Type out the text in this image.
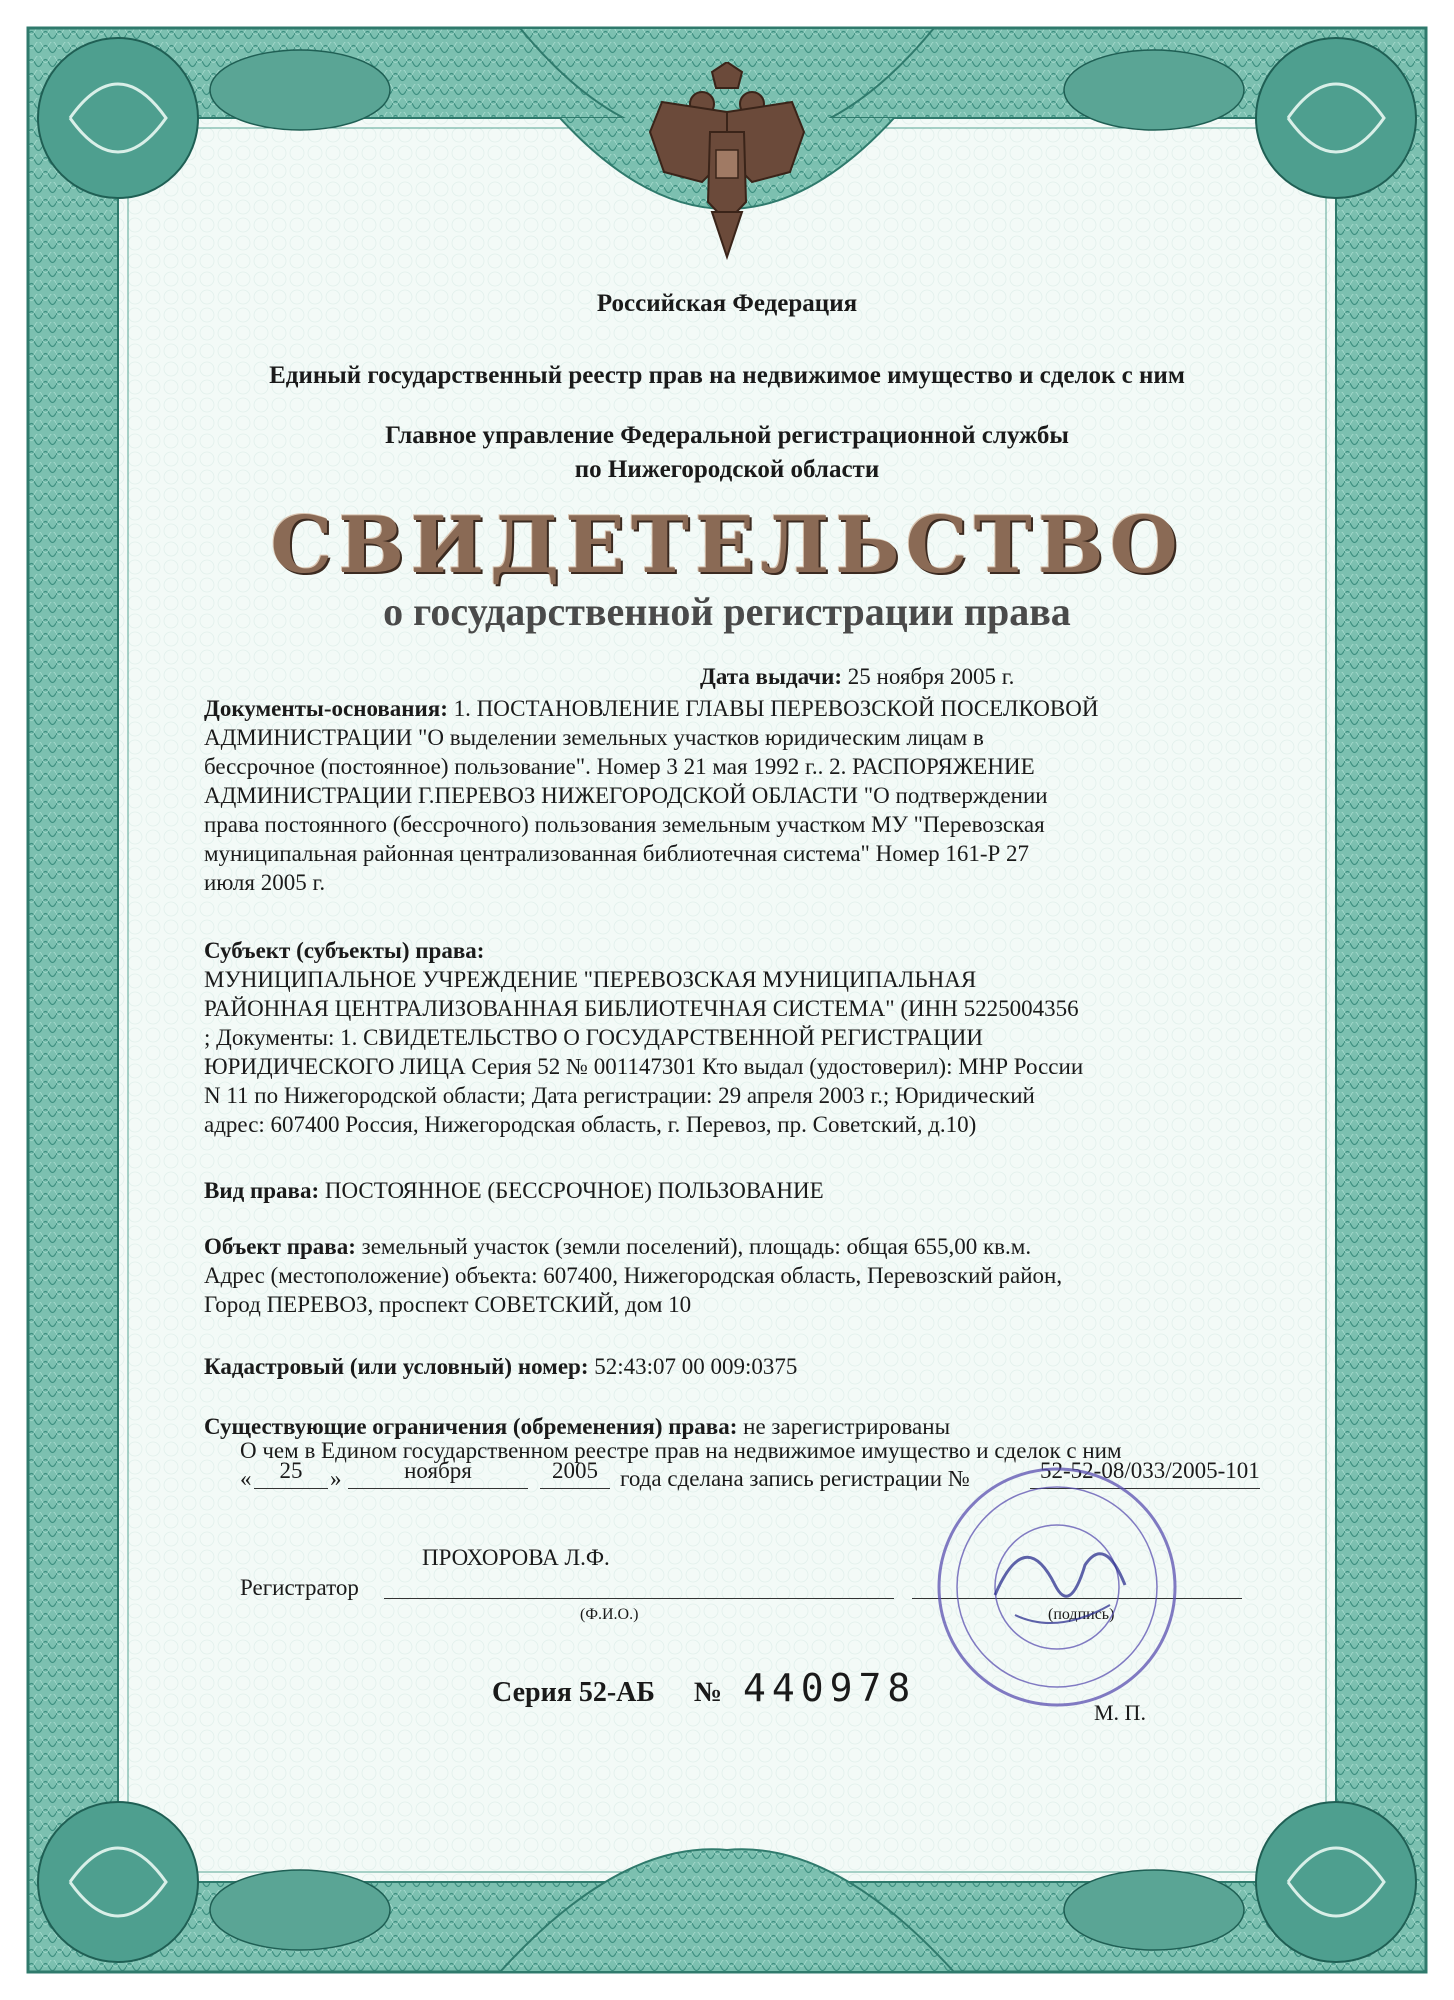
Российская Федерация
Единый государственный реестр прав на недвижимое имущество и сделок с ним
Главное управление Федеральной регистрационной службы
по Нижегородской области
СВИДЕТЕЛЬСТВО
о государственной регистрации права
Дата выдачи: 25 ноября 2005 г.
Документы-основания: 1. ПОСТАНОВЛЕНИЕ ГЛАВЫ ПЕРЕВОЗСКОЙ ПОСЕЛКОВОЙ
АДМИНИСТРАЦИИ "О выделении земельных участков юридическим лицам в
бессрочное (постоянное) пользование". Номер 3 21 мая 1992 г.. 2. РАСПОРЯЖЕНИЕ
АДМИНИСТРАЦИИ Г.ПЕРЕВОЗ НИЖЕГОРОДСКОЙ ОБЛАСТИ "О подтверждении
права постоянного (бессрочного) пользования земельным участком МУ "Перевозская
муниципальная районная централизованная библиотечная система" Номер 161-Р 27
июля 2005 г.
Субъект (субъекты) права:
МУНИЦИПАЛЬНОЕ УЧРЕЖДЕНИЕ "ПЕРЕВОЗСКАЯ МУНИЦИПАЛЬНАЯ
РАЙОННАЯ ЦЕНТРАЛИЗОВАННАЯ БИБЛИОТЕЧНАЯ СИСТЕМА" (ИНН 5225004356
; Документы: 1. СВИДЕТЕЛЬСТВО О ГОСУДАРСТВЕННОЙ РЕГИСТРАЦИИ
ЮРИДИЧЕСКОГО ЛИЦА Серия 52 № 001147301 Кто выдал (удостоверил): МНР России
N 11 по Нижегородской области; Дата регистрации: 29 апреля 2003 г.; Юридический
адрес: 607400 Россия, Нижегородская область, г. Перевоз, пр. Советский, д.10)
Вид права: ПОСТОЯННОЕ (БЕССРОЧНОЕ) ПОЛЬЗОВАНИЕ
Объект права: земельный участок (земли поселений), площадь: общая 655,00 кв.м.
Адрес (местоположение) объекта: 607400, Нижегородская область, Перевозский район,
Город ПЕРЕВОЗ, проспект СОВЕТСКИЙ, дом 10
Кадастровый (или условный) номер: 52:43:07 00 009:0375
Существующие ограничения (обременения) права: не зарегистрированы
О чем в Едином государственном реестре прав на недвижимое имущество и сделок с ним
«	25	»	ноября	2005 года сделана запись регистрации №	52-52-08/033/2005-101
ПРОХОРОВА Л.Ф.
Регистратор
(Ф.И.О.)	(подпись)
М. П.
Серия 52-АБ № 440978
